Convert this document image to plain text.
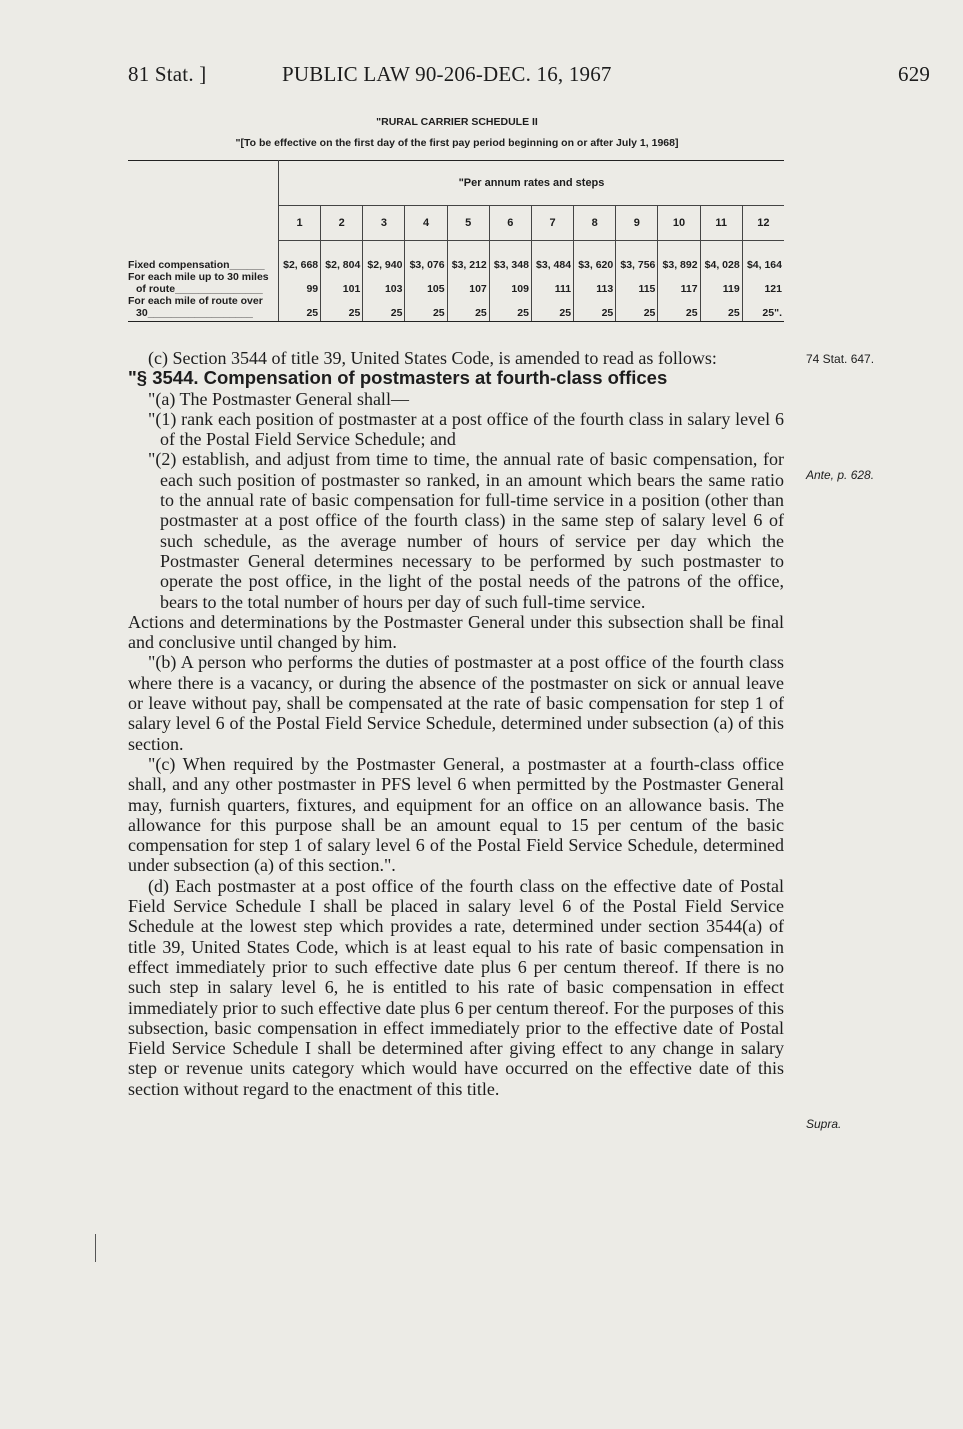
81 Stat. ]	PUBLIC LAW 90-206-DEC. 16, 1967	629
"RURAL CARRIER SCHEDULE II
"[To be effective on the first day of the first pay period beginning on or after July 1, 1968]
	"Per annum rates and steps											
	1	2	3	4	5	6	7	8	9	10	11	12

Fixed compensation______	$2, 668	$2, 804	$2, 940	$3, 076	$3, 212	$3, 348	$3, 484	$3, 620	$3, 756	$3, 892	$4, 028	$4, 164

For each mile up to 30 miles
of route_______________	99	101	103	105	107	109	111	113	115	117	119	121

For each mile of route over
30__________________	25	25	25	25	25	25	25	25	25	25	25	25".

(c) Section 3544 of title 39, United States Code, is amended to read as follows:

"§ 3544. Compensation of postmasters at fourth-class offices

"(a) The Postmaster General shall—

"(1) rank each position of postmaster at a post office of the fourth class in salary level 6 of the Postal Field Service Schedule; and

"(2) establish, and adjust from time to time, the annual rate of basic compensation, for each such position of postmaster so ranked, in an amount which bears the same ratio to the annual rate of basic compensation for full-time service in a position (other than postmaster at a post office of the fourth class) in the same step of salary level 6 of such schedule, as the average number of hours of service per day which the Postmaster General determines necessary to be performed by such postmaster to operate the post office, in the light of the postal needs of the patrons of the office, bears to the total number of hours per day of such full-time service.

Actions and determinations by the Postmaster General under this subsection shall be final and conclusive until changed by him.

"(b) A person who performs the duties of postmaster at a post office of the fourth class where there is a vacancy, or during the absence of the postmaster on sick or annual leave or leave without pay, shall be compensated at the rate of basic compensation for step 1 of salary level 6 of the Postal Field Service Schedule, determined under subsection (a) of this section.

"(c) When required by the Postmaster General, a postmaster at a fourth-class office shall, and any other postmaster in PFS level 6 when permitted by the Postmaster General may, furnish quarters, fixtures, and equipment for an office on an allowance basis. The allowance for this purpose shall be an amount equal to 15 per centum of the basic compensation for step 1 of salary level 6 of the Postal Field Service Schedule, determined under subsection (a) of this section.".

(d) Each postmaster at a post office of the fourth class on the effective date of Postal Field Service Schedule I shall be placed in salary level 6 of the Postal Field Service Schedule at the lowest step which provides a rate, determined under section 3544(a) of title 39, United States Code, which is at least equal to his rate of basic compensation in effect immediately prior to such effective date plus 6 per centum thereof. If there is no such step in salary level 6, he is entitled to his rate of basic compensation in effect immediately prior to such effective date plus 6 per centum thereof. For the purposes of this subsection, basic compensation in effect immediately prior to the effective date of Postal Field Service Schedule I shall be determined after giving effect to any change in salary step or revenue units category which would have occurred on the effective date of this section without regard to the enactment of this title.

74 Stat. 647.
Ante, p. 628.
Supra.
